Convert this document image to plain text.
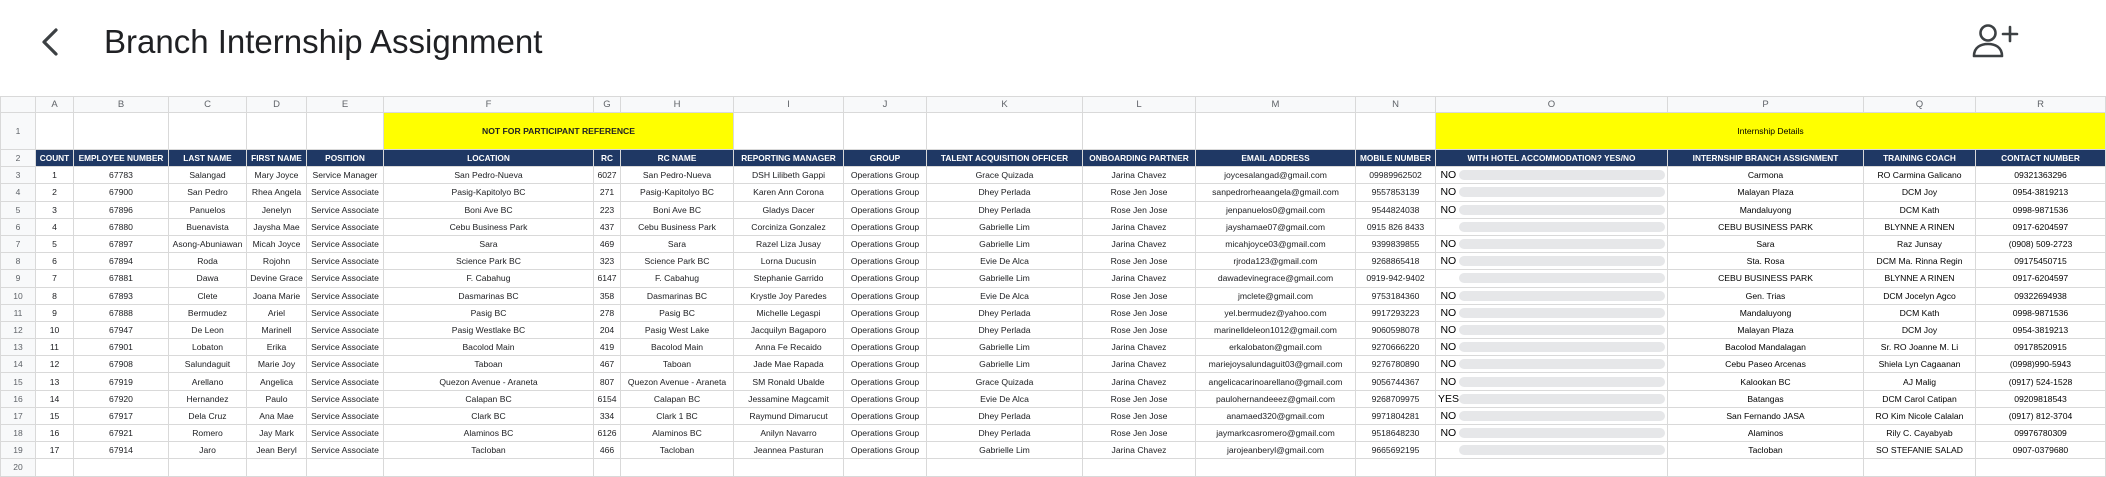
Branch Internship Assignment
	A	B	C	D	E	F	G	H	I	J	K	L	M	N	O	P	Q	R
1						NOT FOR PARTICIPANT REFERENCE									Internship Details			
2	COUNT	EMPLOYEE NUMBER	LAST NAME	FIRST NAME	POSITION	LOCATION	RC	RC NAME	REPORTING MANAGER	GROUP	TALENT ACQUISITION OFFICER	ONBOARDING PARTNER	EMAIL ADDRESS	MOBILE NUMBER	WITH HOTEL ACCOMMODATION? YES/NO	INTERNSHIP BRANCH ASSIGNMENT	TRAINING COACH	CONTACT NUMBER
3	1	67783	Salangad	Mary Joyce	Service Manager	San Pedro-Nueva	6027	San Pedro-Nueva	DSH Lilibeth Gappi	Operations Group	Grace Quizada	Jarina Chavez	joycesalangad@gmail.com	09989962502	NO	Carmona	RO Carmina Galicano	09321363296
4	2	67900	San Pedro	Rhea Angela	Service Associate	Pasig-Kapitolyo BC	271	Pasig-Kapitolyo BC	Karen Ann Corona	Operations Group	Dhey Perlada	Rose Jen Jose	sanpedrorheaangela@gmail.com	9557853139	NO	Malayan Plaza	DCM Joy	0954-3819213
5	3	67896	Panuelos	Jenelyn	Service Associate	Boni Ave BC	223	Boni Ave BC	Gladys Dacer	Operations Group	Dhey Perlada	Rose Jen Jose	jenpanuelos0@gmail.com	9544824038	NO	Mandaluyong	DCM Kath	0998-9871536
6	4	67880	Buenavista	Jaysha Mae	Service Associate	Cebu Business Park	437	Cebu Business Park	Corciniza Gonzalez	Operations Group	Gabrielle Lim	Jarina Chavez	jayshamae07@gmail.com	0915 826 8433		CEBU BUSINESS PARK	BLYNNE A RINEN	0917-6204597
7	5	67897	Asong-Abuniawan	Micah Joyce	Service Associate	Sara	469	Sara	Razel Liza Jusay	Operations Group	Gabrielle Lim	Jarina Chavez	micahjoyce03@gmail.com	9399839855	NO	Sara	Raz Junsay	(0908) 509-2723
8	6	67894	Roda	Rojohn	Service Associate	Science Park BC	323	Science Park BC	Lorna Ducusin	Operations Group	Evie De Alca	Rose Jen Jose	rjroda123@gmail.com	9268865418	NO	Sta. Rosa	DCM Ma. Rinna Regin	09175450715
9	7	67881	Dawa	Devine Grace	Service Associate	F. Cabahug	6147	F. Cabahug	Stephanie Garrido	Operations Group	Gabrielle Lim	Jarina Chavez	dawadevinegrace@gmail.com	0919-942-9402		CEBU BUSINESS PARK	BLYNNE A RINEN	0917-6204597
10	8	67893	Clete	Joana Marie	Service Associate	Dasmarinas BC	358	Dasmarinas BC	Krystle Joy Paredes	Operations Group	Evie De Alca	Rose Jen Jose	jmclete@gmail.com	9753184360	NO	Gen. Trias	DCM Jocelyn Agco	09322694938
11	9	67888	Bermudez	Ariel	Service Associate	Pasig BC	278	Pasig BC	Michelle Legaspi	Operations Group	Dhey Perlada	Rose Jen Jose	yel.bermudez@yahoo.com	9917293223	NO	Mandaluyong	DCM Kath	0998-9871536
12	10	67947	De Leon	Marinell	Service Associate	Pasig Westlake BC	204	Pasig West Lake	Jacquilyn Bagaporo	Operations Group	Dhey Perlada	Rose Jen Jose	marinelldeleon1012@gmail.com	9060598078	NO	Malayan Plaza	DCM Joy	0954-3819213
13	11	67901	Lobaton	Erika	Service Associate	Bacolod Main	419	Bacolod Main	Anna Fe Recaido	Operations Group	Gabrielle Lim	Jarina Chavez	erkalobaton@gmail.com	9270666220	NO	Bacolod Mandalagan	Sr. RO Joanne M. Li	09178520915
14	12	67908	Salundaguit	Marie Joy	Service Associate	Taboan	467	Taboan	Jade Mae Rapada	Operations Group	Gabrielle Lim	Jarina Chavez	mariejoysalundaguit03@gmail.com	9276780890	NO	Cebu Paseo Arcenas	Shiela Lyn Cagaanan	(0998)990-5943
15	13	67919	Arellano	Angelica	Service Associate	Quezon Avenue - Araneta	807	Quezon Avenue - Araneta	SM Ronald Ubalde	Operations Group	Grace Quizada	Jarina Chavez	angelicacarinoarellano@gmail.com	9056744367	NO	Kalookan BC	AJ Malig	(0917) 524-1528
16	14	67920	Hernandez	Paulo	Service Associate	Calapan BC	6154	Calapan BC	Jessamine Magcamit	Operations Group	Evie De Alca	Rose Jen Jose	paulohernandeeez@gmail.com	9268709975	YES	Batangas	DCM Carol Catipan	09209818543
17	15	67917	Dela Cruz	Ana Mae	Service Associate	Clark BC	334	Clark 1 BC	Raymund Dimarucut	Operations Group	Dhey Perlada	Rose Jen Jose	anamaed320@gmail.com	9971804281	NO	San Fernando JASA	RO Kim Nicole Calalan	(0917) 812-3704
18	16	67921	Romero	Jay Mark	Service Associate	Alaminos BC	6126	Alaminos BC	Anilyn Navarro	Operations Group	Dhey Perlada	Rose Jen Jose	jaymarkcasromero@gmail.com	9518648230	NO	Alaminos	Rily C. Cayabyab	09976780309
19	17	67914	Jaro	Jean Beryl	Service Associate	Tacloban	466	Tacloban	Jeannea Pasturan	Operations Group	Gabrielle Lim	Jarina Chavez	jarojeanberyl@gmail.com	9665692195		Tacloban	SO STEFANIE SALAD	0907-0379680
20																		
